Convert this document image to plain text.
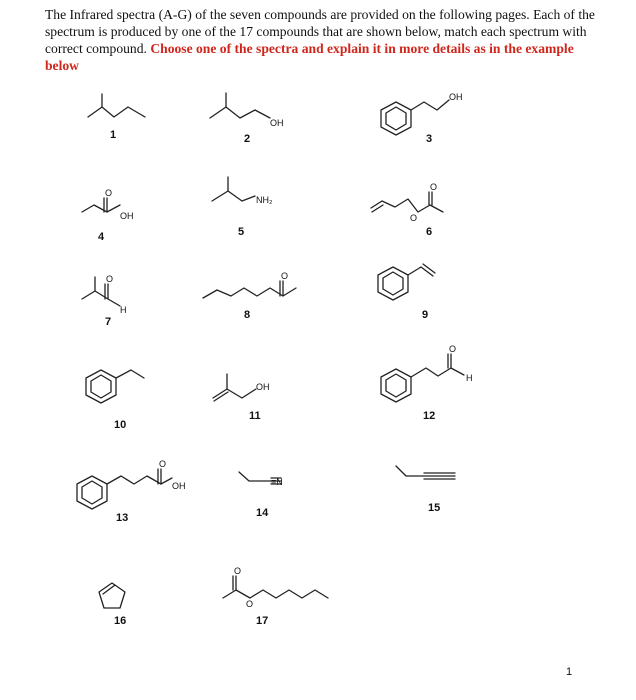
The Infrared spectra (A-G) of the seven compounds are provided on the following pages. Each of the spectrum is produced by one of the 17 compounds that are shown below, match each spectrum with correct compound. Choose one of the spectra and explain it in more details as in the example below
OH
OH
O
OH
NH₂
O
O
O
H
O
OH
O
H
O
OH	≡N
O
O
1	2	3
4	5	6
7
8	9
10
11	12
13	14	15
16	17
1
